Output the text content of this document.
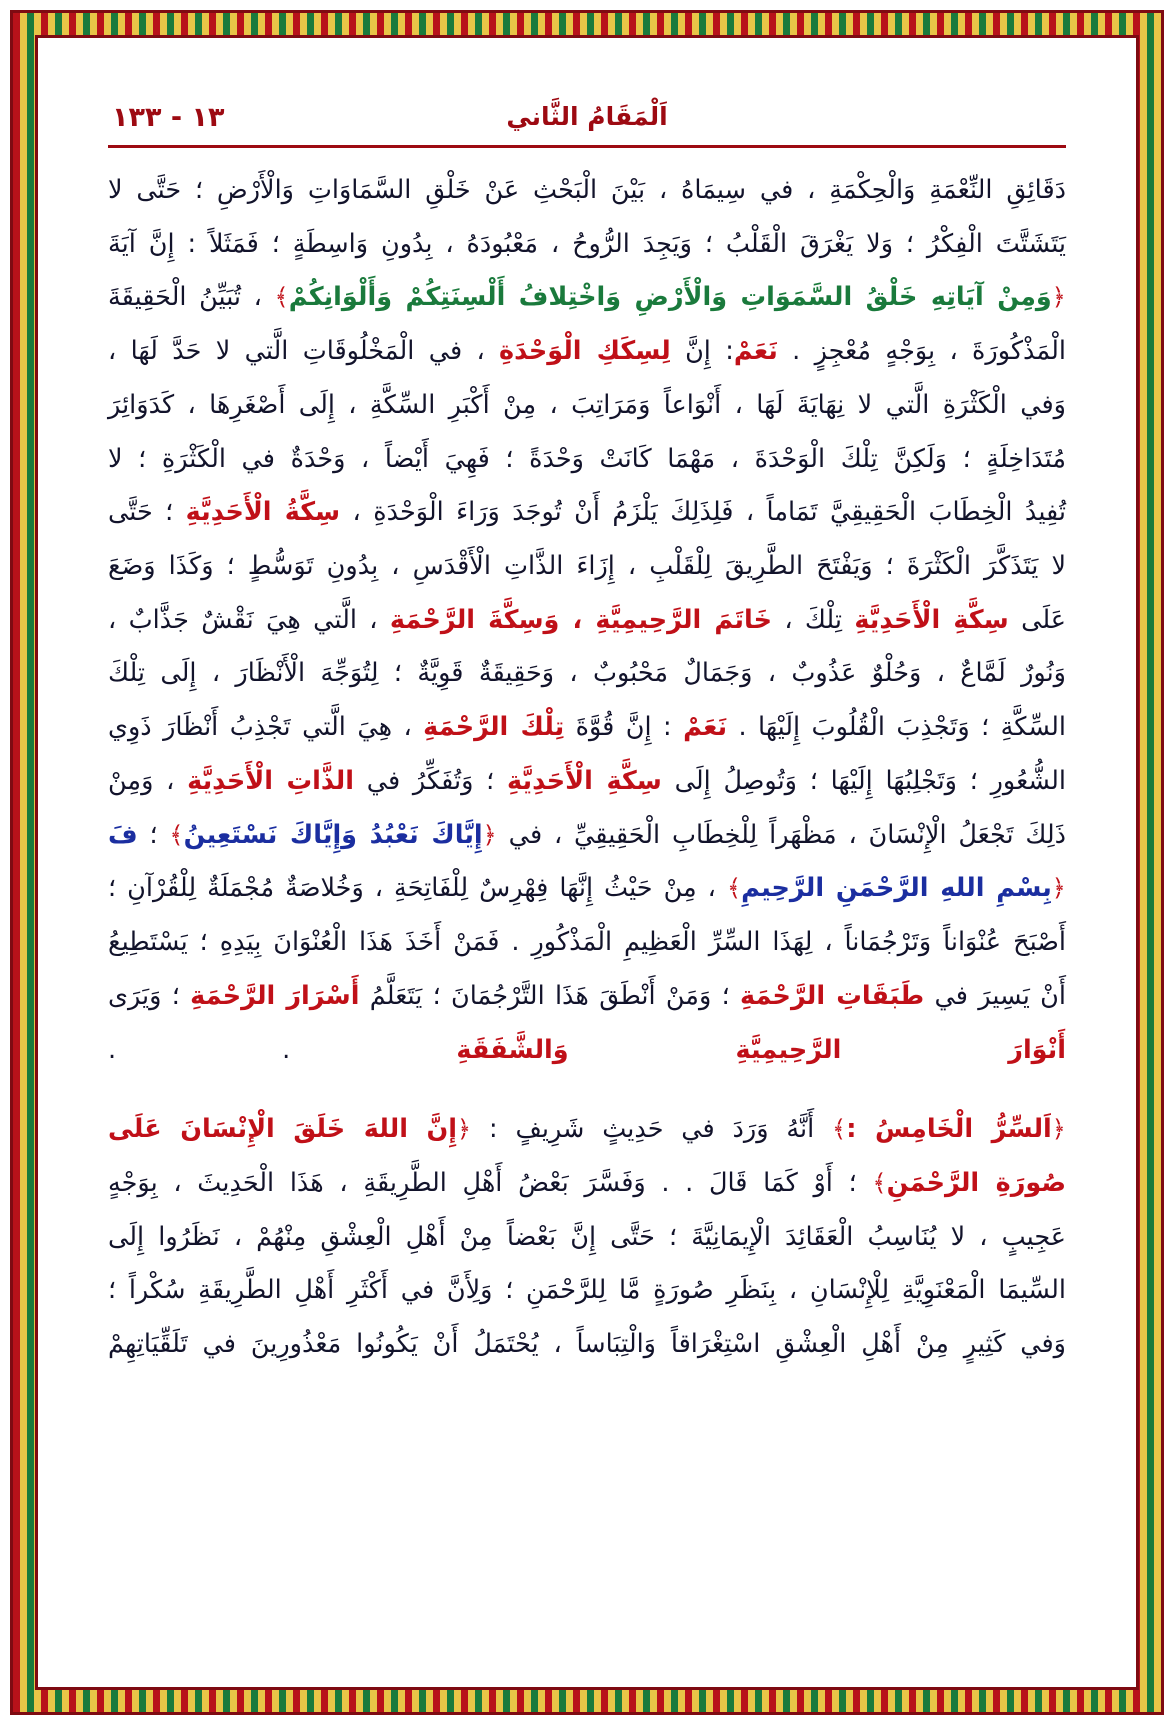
١٣ - ١٣٣	اَلْمَقَامُ الثَّاني

دَقَائِقِ النِّعْمَةِ وَالْحِكْمَةِ ، في سِيمَاهُ ، بَيْنَ الْبَحْثِ عَنْ خَلْقِ السَّمَاوَاتِ وَالْأَرْضِ ؛ حَتَّى لا

يَتَشَتَّتَ الْفِكْرُ ؛ وَلا يَغْرَقَ الْقَلْبُ ؛ وَيَجِدَ الرُّوحُ ، مَعْبُودَهُ ، بِدُونِ وَاسِطَةٍ ؛ فَمَثَلاً : إِنَّ آيَةَ

﴿وَمِنْ آيَاتِهِ خَلْقُ السَّمَوَاتِ وَالْأَرْضِ وَاخْتِلافُ أَلْسِنَتِكُمْ وَأَلْوَانِكُمْ﴾ ، تُبَيِّنُ الْحَقِيقَةَ

الْمَذْكُورَةَ ، بِوَجْهٍ مُعْجِزٍ . نَعَمْ: إِنَّ لِسِكَكِ الْوَحْدَةِ ، في الْمَخْلُوقَاتِ الَّتي لا حَدَّ لَهَا ،

وَفي الْكَثْرَةِ الَّتي لا نِهَايَةَ لَهَا ، أَنْوَاعاً وَمَرَاتِبَ ، مِنْ أَكْبَرِ السِّكَّةِ ، إِلَى أَصْغَرِهَا ، كَدَوَائِرَ

مُتَدَاخِلَةٍ ؛ وَلَكِنَّ تِلْكَ الْوَحْدَةَ ، مَهْمَا كَانَتْ وَحْدَةً ؛ فَهِيَ أَيْضاً ، وَحْدَةٌ في الْكَثْرَةِ ؛ لا

تُفِيدُ الْخِطَابَ الْحَقِيقِيَّ تَمَاماً ، فَلِذَلِكَ يَلْزَمُ أَنْ تُوجَدَ وَرَاءَ الْوَحْدَةِ ، سِكَّةُ الْأَحَدِيَّةِ ؛ حَتَّى

لا يَتَذَكَّرَ الْكَثْرَةَ ؛ وَيَفْتَحَ الطَّرِيقَ لِلْقَلْبِ ، إِزَاءَ الذَّاتِ الْأَقْدَسِ ، بِدُونِ تَوَسُّطٍ ؛ وَكَذَا وَضَعَ

عَلَى سِكَّةِ الْأَحَدِيَّةِ تِلْكَ ، خَاتَمَ الرَّحِيمِيَّةِ ، وَسِكَّةَ الرَّحْمَةِ ، الَّتي هِيَ نَقْشٌ جَذَّابٌ ،

وَنُورٌ لَمَّاعٌ ، وَحُلْوٌ عَذُوبٌ ، وَجَمَالٌ مَحْبُوبٌ ، وَحَقِيقَةٌ قَوِيَّةٌ ؛ لِتُوَجِّهَ الْأَنْظَارَ ، إِلَى تِلْكَ

السِّكَّةِ ؛ وَتَجْذِبَ الْقُلُوبَ إِلَيْهَا . نَعَمْ : إِنَّ قُوَّةَ تِلْكَ الرَّحْمَةِ ، هِيَ الَّتي تَجْذِبُ أَنْظَارَ ذَوِي

الشُّعُورِ ؛ وَتَجْلِبُهَا إِلَيْهَا ؛ وَتُوصِلُ إِلَى سِكَّةِ الْأَحَدِيَّةِ ؛ وَتُفَكِّرُ في الذَّاتِ الْأَحَدِيَّةِ ، وَمِنْ

ذَلِكَ تَجْعَلُ الْإِنْسَانَ ، مَظْهَراً لِلْخِطَابِ الْحَقِيقِيِّ ، في ﴿إِيَّاكَ نَعْبُدُ وَإِيَّاكَ نَسْتَعِينُ﴾ ؛ فَ

﴿بِسْمِ اللهِ الرَّحْمَنِ الرَّحِيمِ﴾ ، مِنْ حَيْثُ إِنَّهَا فِهْرِسٌ لِلْفَاتِحَةِ ، وَخُلاصَةٌ مُجْمَلَةٌ لِلْقُرْآنِ ؛

أَصْبَحَ عُنْوَاناً وَتَرْجُمَاناً ، لِهَذَا السِّرِّ الْعَظِيمِ الْمَذْكُورِ . فَمَنْ أَخَذَ هَذَا الْعُنْوَانَ بِيَدِهِ ؛ يَسْتَطِيعُ

أَنْ يَسِيرَ في طَبَقَاتِ الرَّحْمَةِ ؛ وَمَنْ أَنْطَقَ هَذَا التَّرْجُمَانَ ؛ يَتَعَلَّمُ أَسْرَارَ الرَّحْمَةِ ؛ وَيَرَى

أَنْوَارَ الرَّحِيمِيَّةِ وَالشَّفَقَةِ . .

﴿اَلسِّرُّ الْخَامِسُ :﴾ أَنَّهُ وَرَدَ في حَدِيثٍ شَرِيفٍ : ﴿إِنَّ اللهَ خَلَقَ الْإِنْسَانَ عَلَى

صُورَةِ الرَّحْمَنِ﴾ ؛ أَوْ كَمَا قَالَ . . وَفَسَّرَ بَعْضُ أَهْلِ الطَّرِيقَةِ ، هَذَا الْحَدِيثَ ، بِوَجْهٍ

عَجِيبٍ ، لا يُنَاسِبُ الْعَقَائِدَ الْإِيمَانِيَّةَ ؛ حَتَّى إِنَّ بَعْضاً مِنْ أَهْلِ الْعِشْقِ مِنْهُمْ ، نَظَرُوا إِلَى

السِّيمَا الْمَعْنَوِيَّةِ لِلْإِنْسَانِ ، بِنَظَرِ صُورَةٍ مَّا لِلرَّحْمَنِ ؛ وَلِأَنَّ في أَكْثَرِ أَهْلِ الطَّرِيقَةِ سُكْراً ؛

وَفي كَثِيرٍ مِنْ أَهْلِ الْعِشْقِ اسْتِغْرَاقاً وَالْتِبَاساً ، يُحْتَمَلُ أَنْ يَكُونُوا مَعْذُورِينَ في تَلَقِّيَاتِهِمْ
